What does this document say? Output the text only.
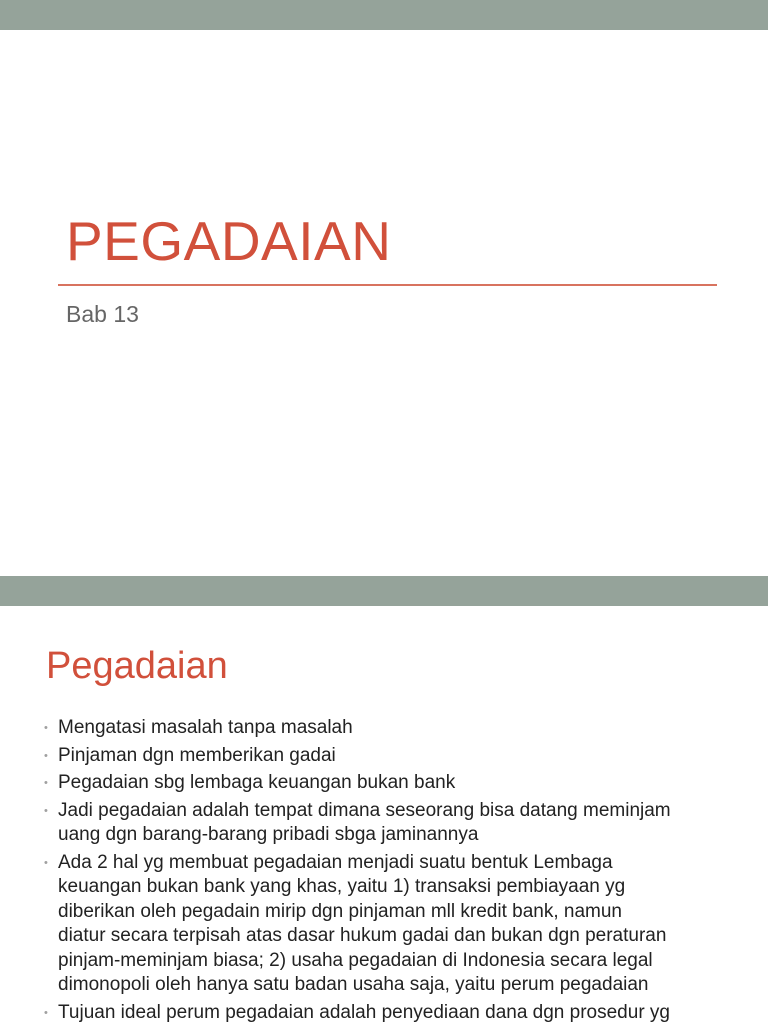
PEGADAIAN
Bab 13
Pegadaian
• Mengatasi masalah tanpa masalah
• Pinjaman dgn memberikan gadai
• Pegadaian sbg lembaga keuangan bukan bank
• Jadi pegadaian adalah tempat dimana seseorang bisa datang meminjam
uang dgn barang-barang pribadi sbga jaminannya
• Ada 2 hal yg membuat pegadaian menjadi suatu bentuk Lembaga
keuangan bukan bank yang khas, yaitu 1) transaksi pembiayaan yg
diberikan oleh pegadain mirip dgn pinjaman mll kredit bank, namun
diatur secara terpisah atas dasar hukum gadai dan bukan dgn peraturan
pinjam-meminjam biasa; 2) usaha pegadaian di Indonesia secara legal
dimonopoli oleh hanya satu badan usaha saja, yaitu perum pegadaian
• Tujuan ideal perum pegadaian adalah penyediaan dana dgn prosedur yg
